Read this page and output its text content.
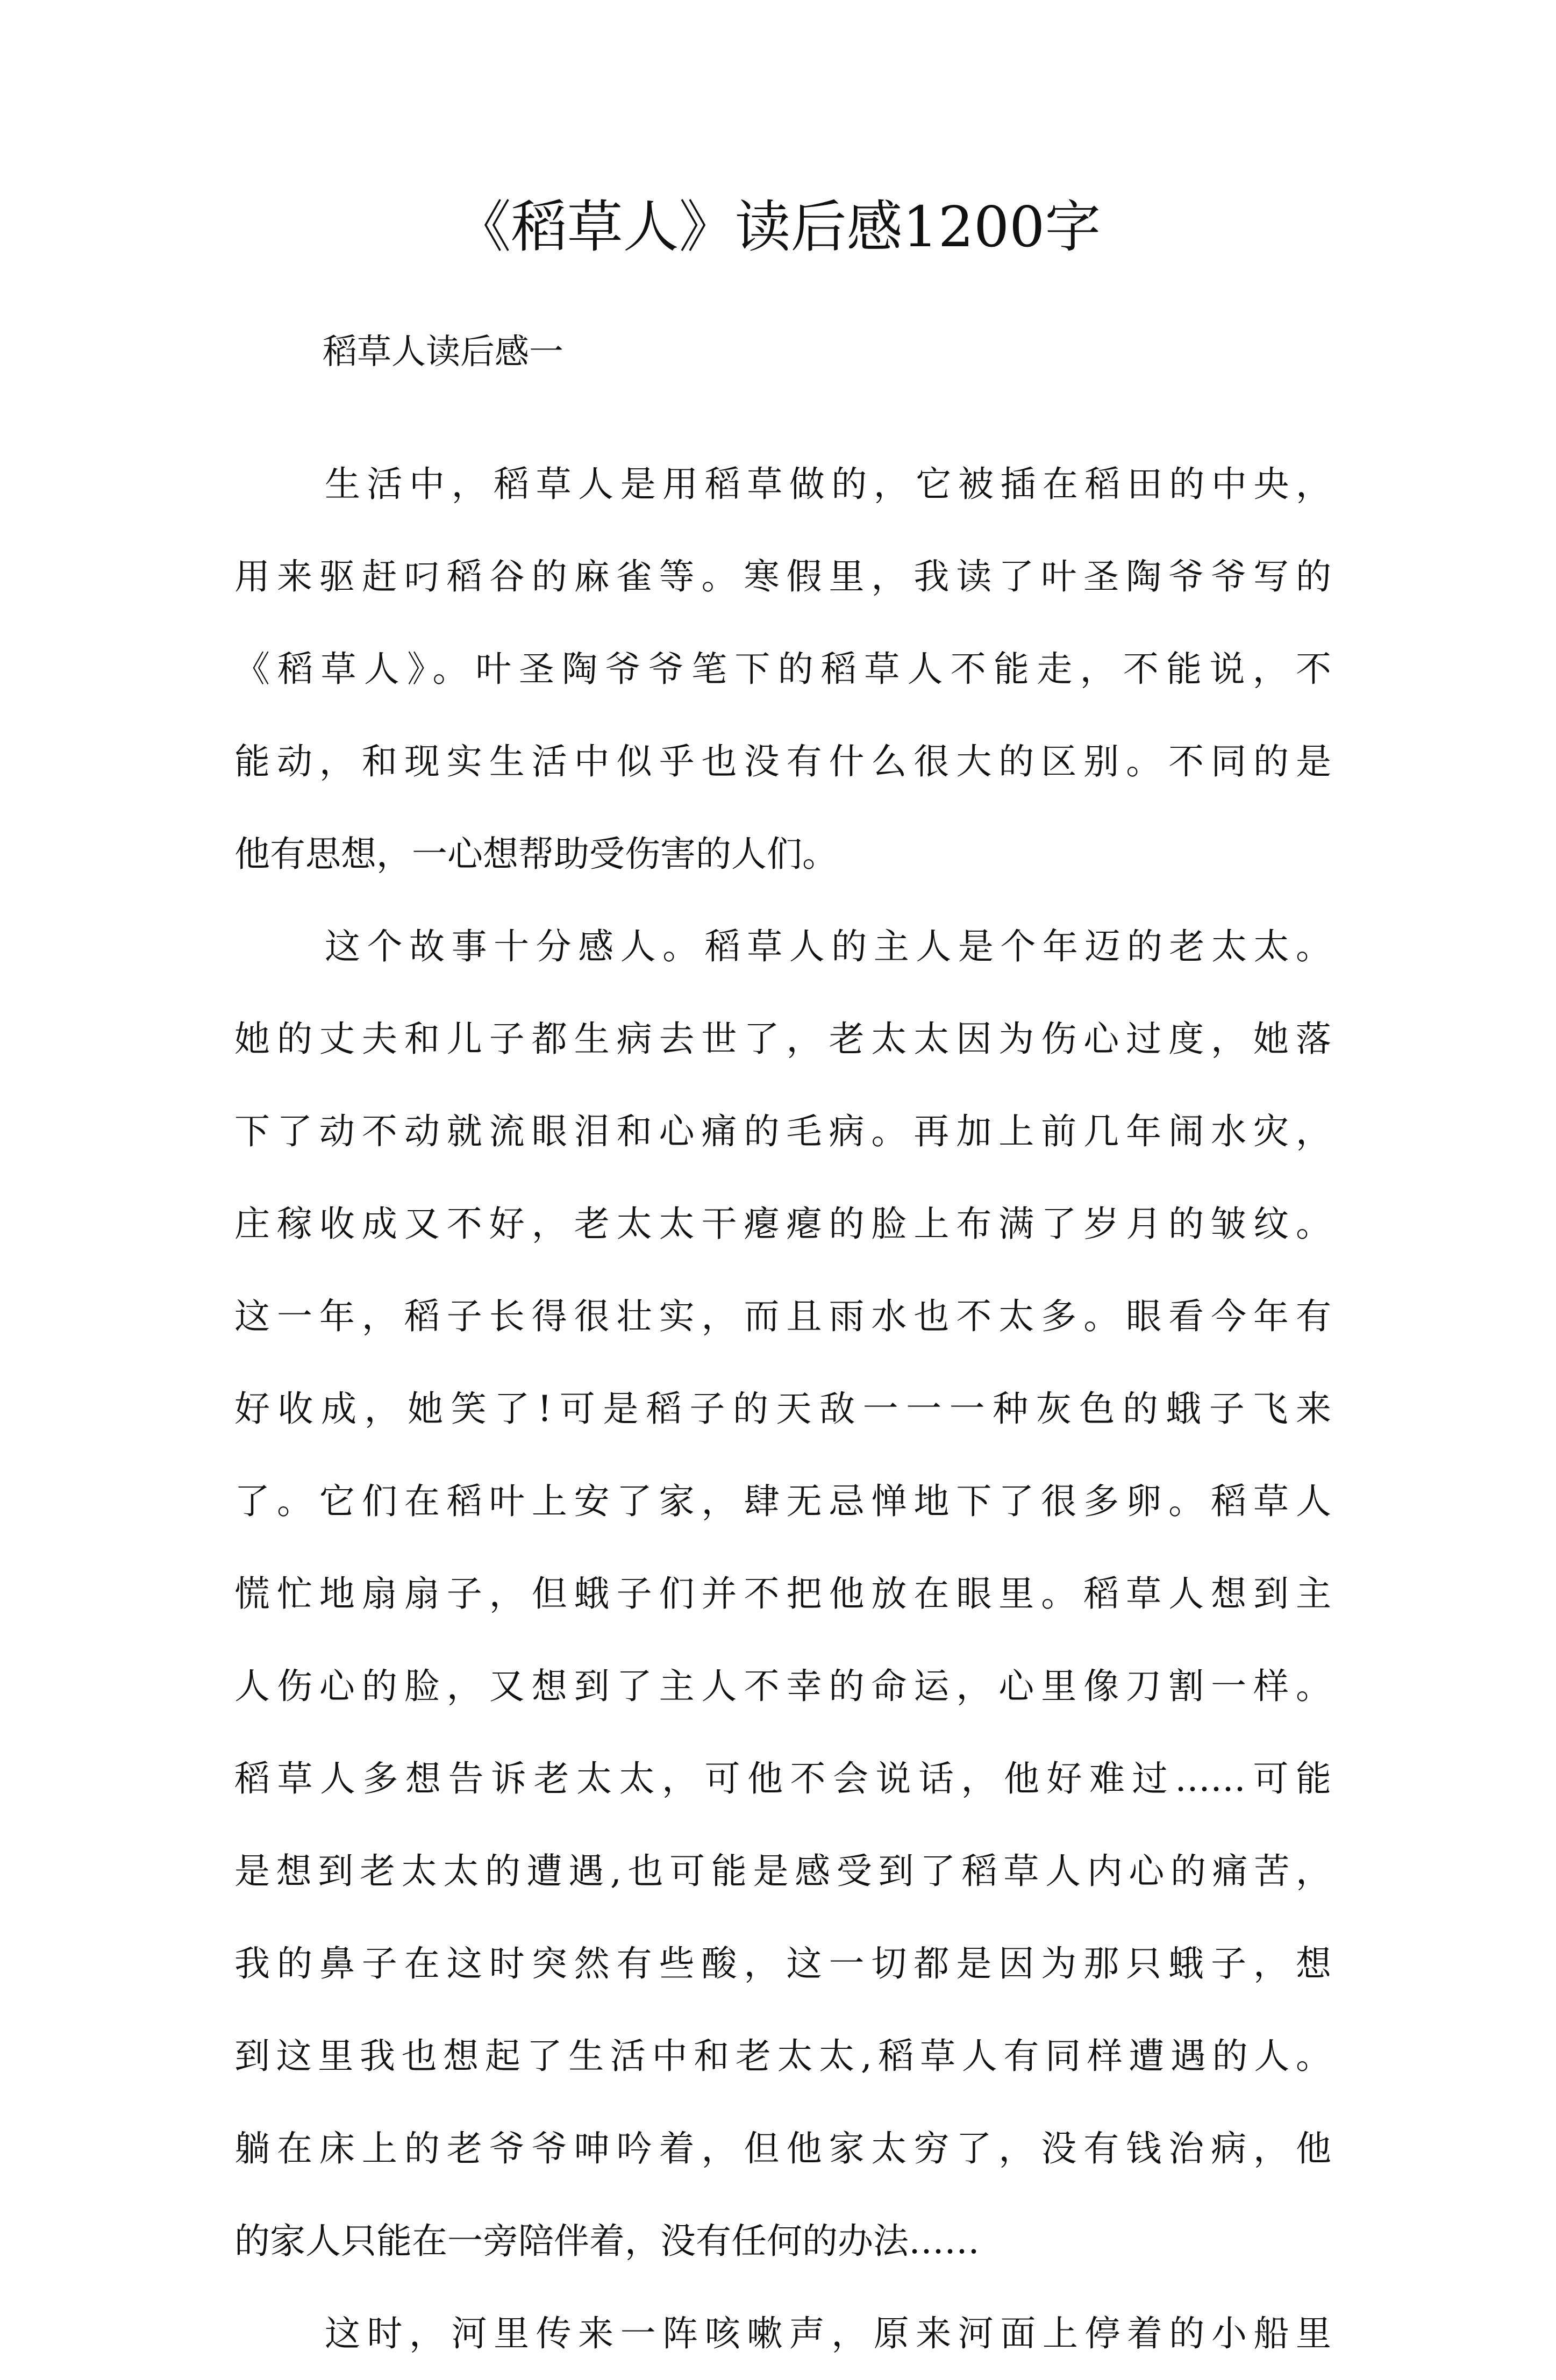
《稻草人》读后感1200字
稻草人读后感一
生活中，稻草人是用稻草做的，它被插在稻田的中央，
用来驱赶叼稻谷的麻雀等。寒假里，我读了叶圣陶爷爷写的
《稻草人》。叶圣陶爷爷笔下的稻草人不能走，不能说，不
能动，和现实生活中似乎也没有什么很大的区别。不同的是
他有思想，一心想帮助受伤害的人们。
这个故事十分感人。稻草人的主人是个年迈的老太太。
她的丈夫和儿子都生病去世了，老太太因为伤心过度，她落
下了动不动就流眼泪和心痛的毛病。再加上前几年闹水灾，
庄稼收成又不好，老太太干瘪瘪的脸上布满了岁月的皱纹。
这一年，稻子长得很壮实，而且雨水也不太多。眼看今年有
好收成，她笑了!可是稻子的天敌一一一种灰色的蛾子飞来
了。它们在稻叶上安了家，肆无忌惮地下了很多卵。稻草人
慌忙地扇扇子，但蛾子们并不把他放在眼里。稻草人想到主
人伤心的脸，又想到了主人不幸的命运，心里像刀割一样。
稻草人多想告诉老太太，可他不会说话，他好难过……可能
是想到老太太的遭遇,也可能是感受到了稻草人内心的痛苦，
我的鼻子在这时突然有些酸，这一切都是因为那只蛾子，想
到这里我也想起了生活中和老太太,稻草人有同样遭遇的人。
躺在床上的老爷爷呻吟着，但他家太穷了，没有钱治病，他
的家人只能在一旁陪伴着，没有任何的办法……
这时，河里传来一阵咳嗽声，原来河面上停着的小船里
